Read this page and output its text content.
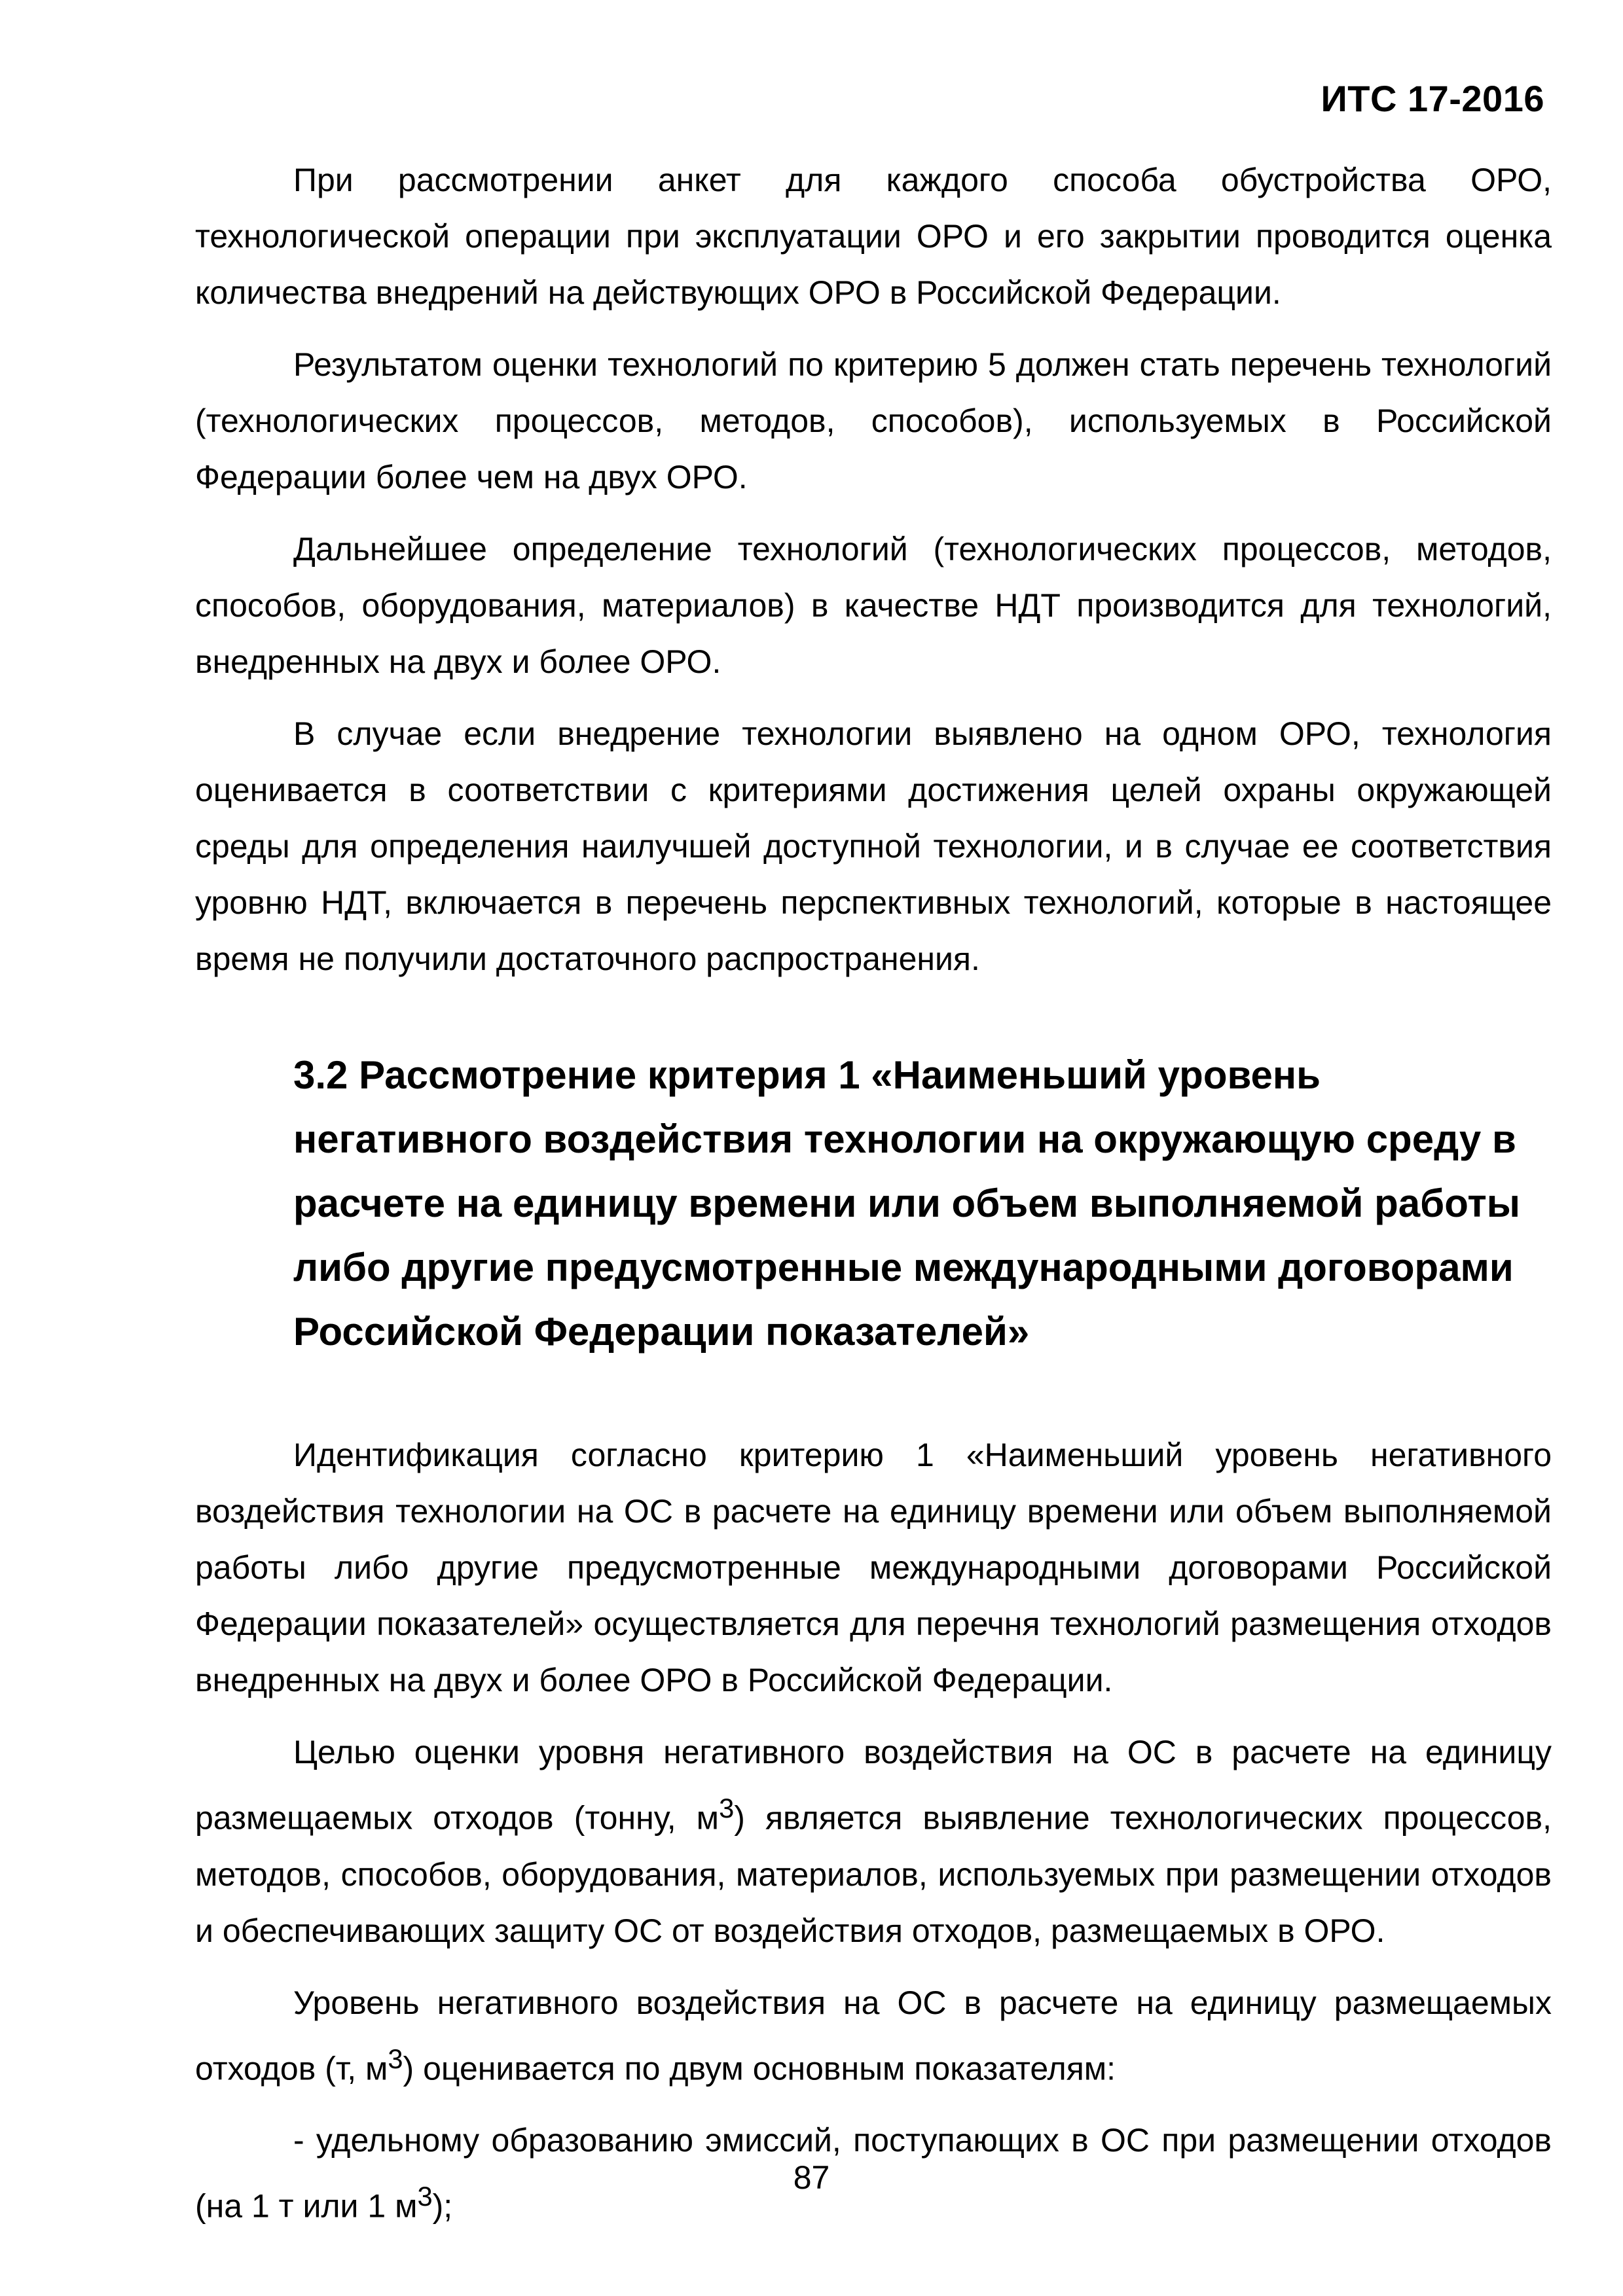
ИТС 17-2016

При рассмотрении анкет для каждого способа обустройства ОРО, технологической операции при эксплуатации ОРО и его закрытии проводится оценка количества внедрений на действующих ОРО в Российской Федерации.

Результатом оценки технологий по критерию 5 должен стать перечень технологий (технологических процессов, методов, способов), используемых в Российской Федерации более чем на двух ОРО.

Дальнейшее определение технологий (технологических процессов, методов, способов, оборудования, материалов) в качестве НДТ производится для технологий, внедренных на двух и более ОРО.

В случае если внедрение технологии выявлено на одном ОРО, технология оценивается в соответствии с критериями достижения целей охраны окружающей среды для определения наилучшей доступной технологии, и в случае ее соответствия уровню НДТ, включается в перечень перспективных технологий, которые в настоящее время не получили достаточного распространения.

3.2 Рассмотрение критерия 1 «Наименьший уровень негативного воздействия технологии на окружающую среду в расчете на единицу времени или объем выполняемой работы либо другие предусмотренные международными договорами Российской Федерации показателей»

Идентификация согласно критерию 1 «Наименьший уровень негативного воздействия технологии на ОС в расчете на единицу времени или объем выполняемой работы либо другие предусмотренные международными договорами Российской Федерации показателей» осуществляется для перечня технологий размещения отходов внедренных на двух и более ОРО в Российской Федерации.

Целью оценки уровня негативного воздействия на ОС в расчете на единицу размещаемых отходов (тонну, $м^3$) является выявление технологических процессов, методов, способов, оборудования, материалов, используемых при размещении отходов и обеспечивающих защиту ОС от воздействия отходов, размещаемых в ОРО.

Уровень негативного воздействия на ОС в расчете на единицу размещаемых отходов (т, $м^3$) оценивается по двум основным показателям:

- удельному образованию эмиссий, поступающих в ОС при размещении отходов (на 1 т или 1 $м^3$);

87
